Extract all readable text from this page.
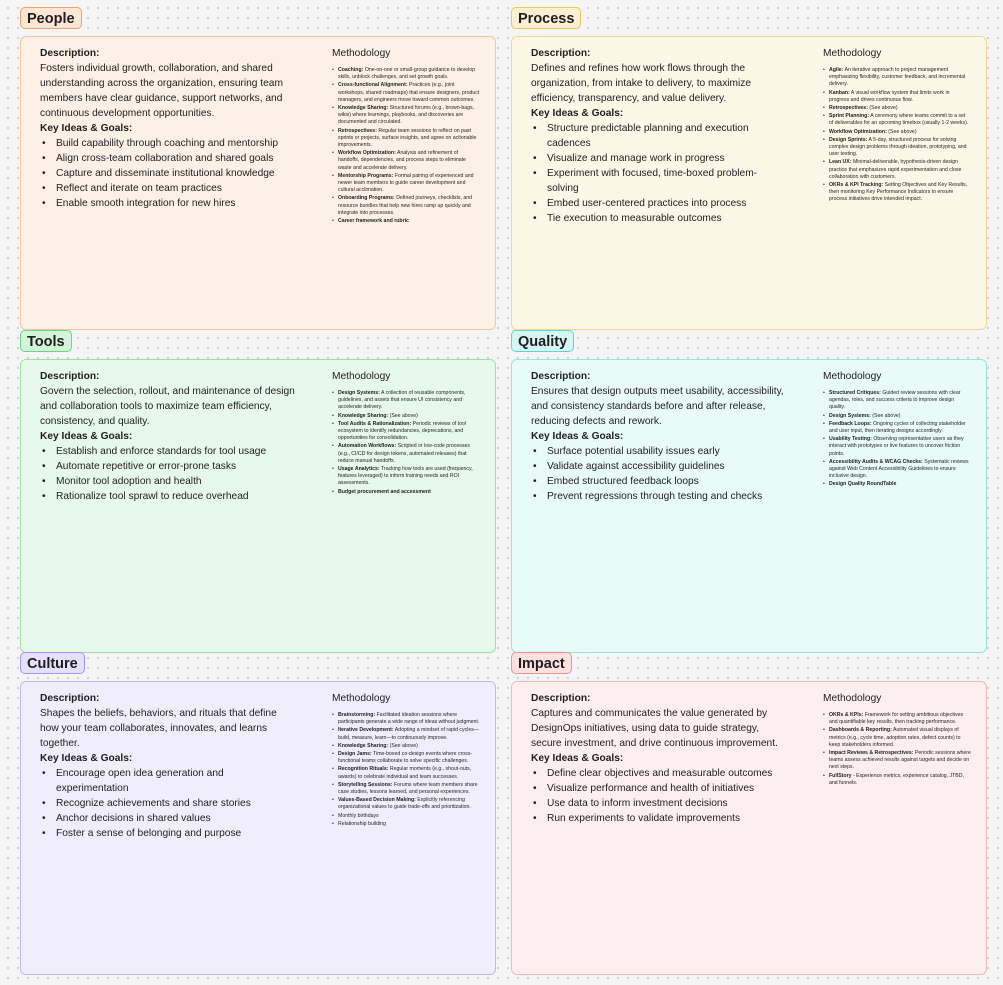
People
Description:
Fosters individual growth, collaboration, and shared understanding across the organization, ensuring team members have clear guidance, support networks, and continuous development opportunities.
Key Ideas & Goals:
• Build capability through coaching and mentorship
• Align cross-team collaboration and shared goals
• Capture and disseminate institutional knowledge
• Reflect and iterate on team practices
• Enable smooth integration for new hires
Methodology
• Coaching: One-on-one or small-group guidance to develop skills, unblock challenges, and set growth goals.
• Cross-functional Alignment: Practices (e.g., joint workshops, shared roadmaps) that ensure designers, product managers, and engineers move toward common outcomes.
• Knowledge Sharing: Structured forums (e.g., brown-bags, wikis) where learnings, playbooks, and discoveries are documented and circulated.
• Retrospectives: Regular team sessions to reflect on past sprints or projects, surface insights, and agree on actionable improvements.
• Workflow Optimization: Analysis and refinement of handoffs, dependencies, and process steps to eliminate waste and accelerate delivery.
• Mentorship Programs: Formal pairing of experienced and newer team members to guide career development and cultural acclimation.
• Onboarding Programs: Defined journeys, checklists, and resource bundles that help new hires ramp up quickly and integrate into processes.
• Career framework and rubric
Process
Description:
Defines and refines how work flows through the organization, from intake to delivery, to maximize efficiency, transparency, and value delivery.
Key Ideas & Goals:
• Structure predictable planning and execution cadences
• Visualize and manage work in progress
• Experiment with focused, time-boxed problem-solving
• Embed user-centered practices into process
• Tie execution to measurable outcomes
Methodology
• Agile: An iterative approach to project management emphasizing flexibility, customer feedback, and incremental delivery.
• Kanban: A visual workflow system that limits work in progress and drives continuous flow.
• Retrospectives: (See above)
• Sprint Planning: A ceremony where teams commit to a set of deliverables for an upcoming timebox (usually 1-2 weeks).
• Workflow Optimization: (See above)
• Design Sprints: A 5-day, structured process for solving complex design problems through ideation, prototyping, and user testing.
• Lean UX: Minimal-deliverable, hypothesis-driven design practice that emphasizes rapid experimentation and close collaboration with customers.
• OKRs & KPI Tracking: Setting Objectives and Key Results, then monitoring Key Performance Indicators to ensure process initiatives drive intended impact.
Tools
Description:
Govern the selection, rollout, and maintenance of design and collaboration tools to maximize team efficiency, consistency, and quality.
Key Ideas & Goals:
• Establish and enforce standards for tool usage
• Automate repetitive or error-prone tasks
• Monitor tool adoption and health
• Rationalize tool sprawl to reduce overhead
Methodology
• Design Systems: A collection of reusable components, guidelines, and assets that ensure UI consistency and accelerate delivery.
• Knowledge Sharing: (See above)
• Tool Audits & Rationalization: Periodic reviews of tool ecosystem to identify redundancies, deprecations, and opportunities for consolidation.
• Automation Workflows: Scripted or low-code processes (e.g., CI/CD for design tokens, automated releases) that reduce manual handoffs.
• Usage Analytics: Tracking how tools are used (frequency, features leveraged) to inform training needs and ROI assessments.
• Budget procurement and accessment
Quality
Description:
Ensures that design outputs meet usability, accessibility, and consistency standards before and after release, reducing defects and rework.
Key Ideas & Goals:
• Surface potential usability issues early
• Validate against accessibility guidelines
• Embed structured feedback loops
• Prevent regressions through testing and checks
Methodology
• Structured Critiques: Guided review sessions with clear agendas, roles, and success criteria to improve design quality.
• Design Systems: (See above)
• Feedback Loops: Ongoing cycles of collecting stakeholder and user input, then iterating designs accordingly.
• Usability Testing: Observing representative users as they interact with prototypes or live features to uncover friction points.
• Accessibility Audits & WCAG Checks: Systematic reviews against Web Content Accessibility Guidelines to ensure inclusive design.
• Design Quality RoundTable
Culture
Description:
Shapes the beliefs, behaviors, and rituals that define how your team collaborates, innovates, and learns together.
Key Ideas & Goals:
• Encourage open idea generation and experimentation
• Recognize achievements and share stories
• Anchor decisions in shared values
• Foster a sense of belonging and purpose
Methodology
• Brainstorming: Facilitated ideation sessions where participants generate a wide range of ideas without judgment.
• Iterative Development: Adopting a mindset of rapid cycles—build, measure, learn—to continuously improve.
• Knowledge Sharing: (See above)
• Design Jams: Time-boxed co-design events where cross-functional teams collaborate to solve specific challenges.
• Recognition Rituals: Regular moments (e.g., shout-outs, awards) to celebrate individual and team successes.
• Storytelling Sessions: Forums where team members share case studies, lessons learned, and personal experiences.
• Values-Based Decision Making: Explicitly referencing organizational values to guide trade-offs and prioritization.
• Monthly birthdays
• Relationship building
Impact
Description:
Captures and communicates the value generated by DesignOps initiatives, using data to guide strategy, secure investment, and drive continuous improvement.
Key Ideas & Goals:
• Define clear objectives and measurable outcomes
• Visualize performance and health of initiatives
• Use data to inform investment decisions
• Run experiments to validate improvements
Methodology
• OKRs & KPIs: Framework for setting ambitious objectives and quantifiable key results, then tracking performance.
• Dashboards & Reporting: Automated visual displays of metrics (e.g., cycle time, adoption rates, defect counts) to keep stakeholders informed.
• Impact Reviews & Retrospectives: Periodic sessions where teams assess achieved results against targets and decide on next steps.
• FullStory - Experience metrics, experience catalog, JTBD, and funnels.
